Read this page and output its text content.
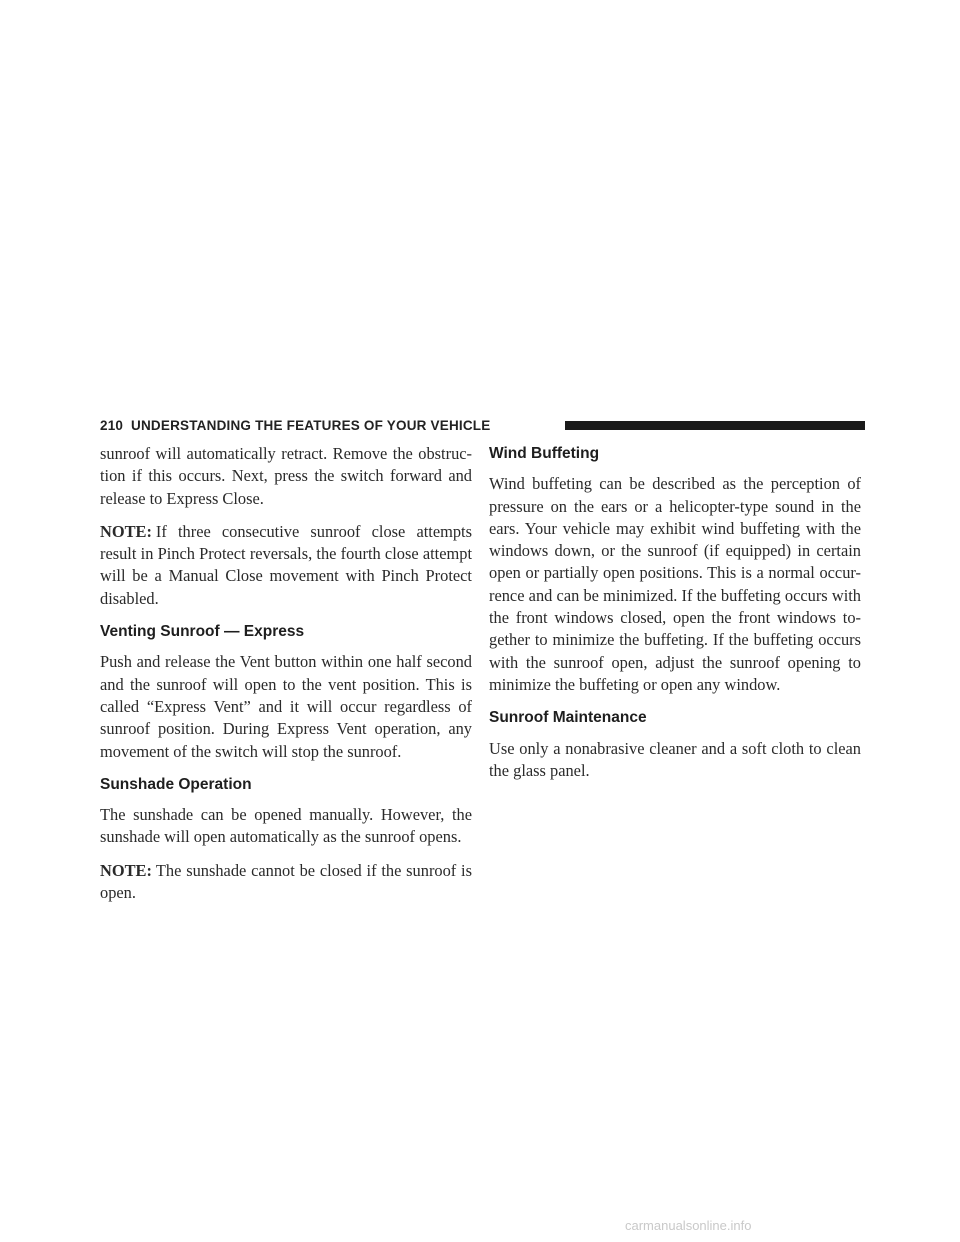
210 UNDERSTANDING THE FEATURES OF YOUR VEHICLE

sunroof will automatically retract. Remove the obstruc-tion if this occurs. Next, press the switch forward and release to Express Close.

NOTE: If three consecutive sunroof close attempts result in Pinch Protect reversals, the fourth close attempt will be a Manual Close movement with Pinch Protect disabled.

Venting Sunroof — Express

Push and release the Vent button within one half second and the sunroof will open to the vent position. This is called “Express Vent” and it will occur regardless of sunroof position. During Express Vent operation, any movement of the switch will stop the sunroof.

Sunshade Operation

The sunshade can be opened manually. However, the sunshade will open automatically as the sunroof opens.

NOTE: The sunshade cannot be closed if the sunroof is open.

Wind Buffeting

Wind buffeting can be described as the perception of pressure on the ears or a helicopter-type sound in the ears. Your vehicle may exhibit wind buffeting with the windows down, or the sunroof (if equipped) in certain open or partially open positions. This is a normal occur-rence and can be minimized. If the buffeting occurs with the front windows closed, open the front windows to-gether to minimize the buffeting. If the buffeting occurs with the sunroof open, adjust the sunroof opening to minimize the buffeting or open any window.

Sunroof Maintenance

Use only a nonabrasive cleaner and a soft cloth to clean the glass panel.

carmanualsonline.info
